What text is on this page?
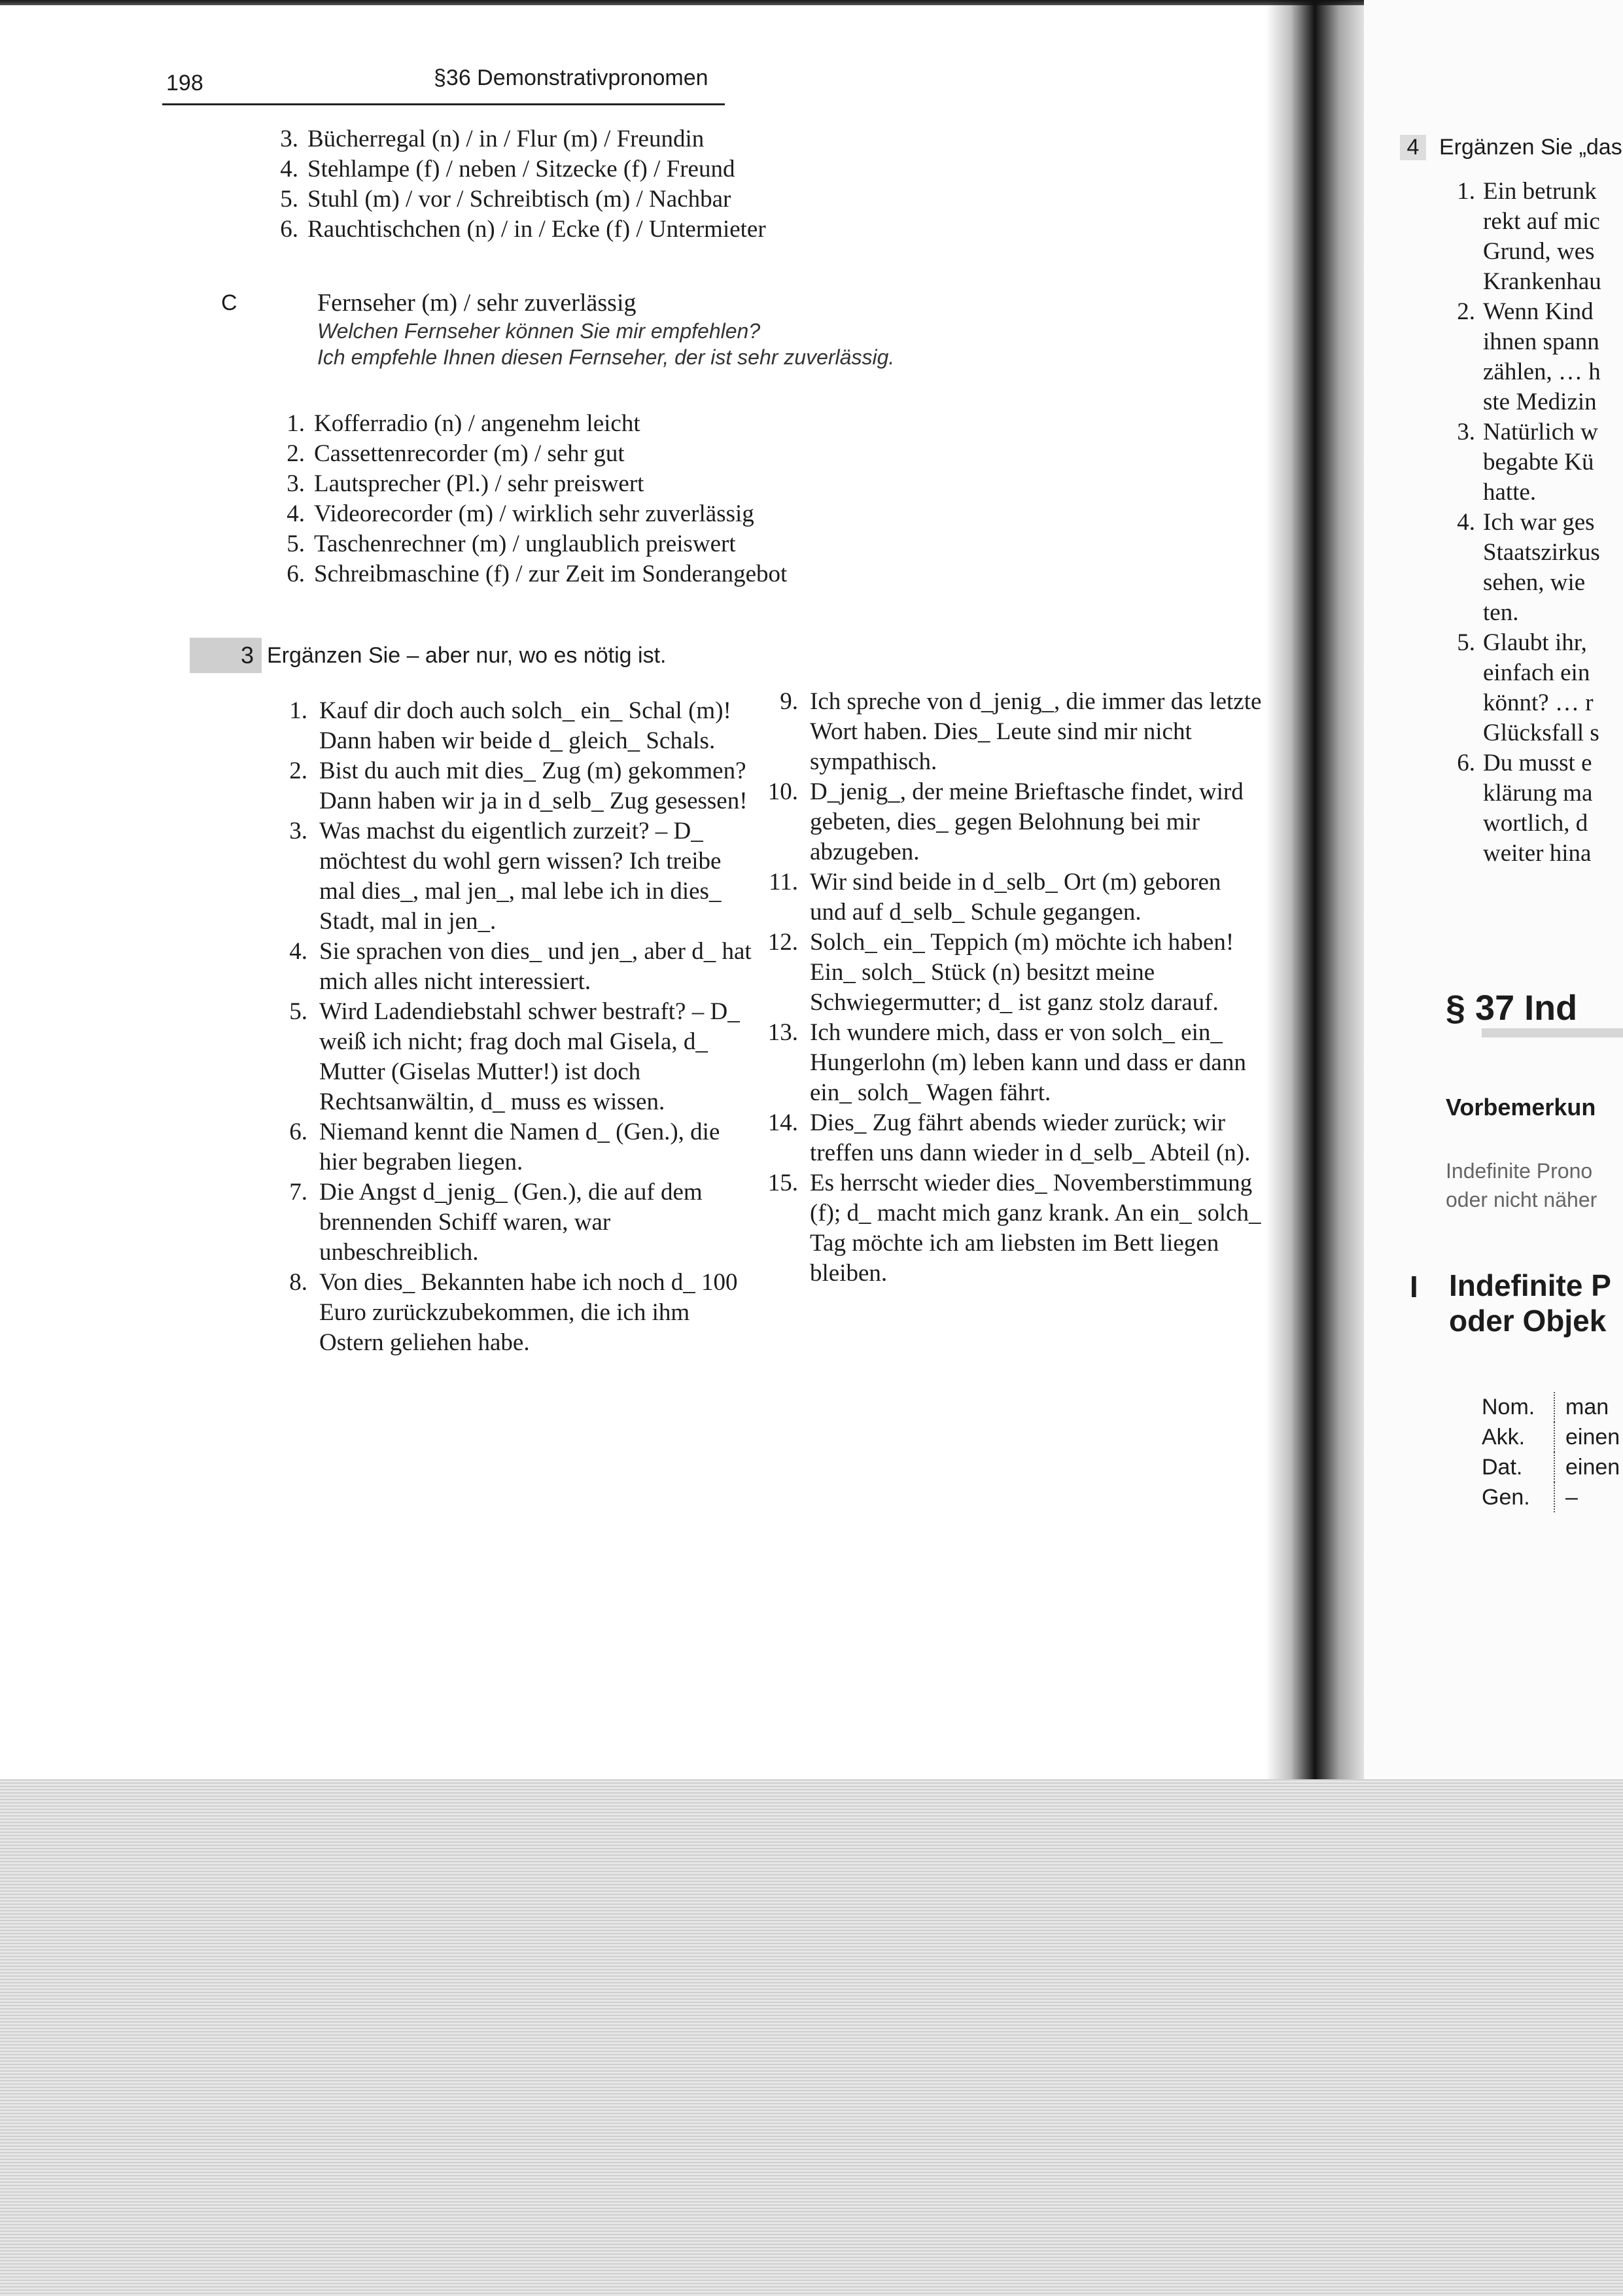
198	§36 Demonstrativpronomen
3. Bücherregal (n) / in / Flur (m) / Freundin
4. Stehlampe (f) / neben / Sitzecke (f) / Freund
5. Stuhl (m) / vor / Schreibtisch (m) / Nachbar
6. Rauchtischchen (n) / in / Ecke (f) / Untermieter
C	Fernseher (m) / sehr zuverlässig
Welchen Fernseher können Sie mir empfehlen?
Ich empfehle Ihnen diesen Fernseher, der ist sehr zuverlässig.
1. Kofferradio (n) / angenehm leicht
2. Cassettenrecorder (m) / sehr gut
3. Lautsprecher (Pl.) / sehr preiswert
4. Videorecorder (m) / wirklich sehr zuverlässig
5. Taschenrechner (m) / unglaublich preiswert
6. Schreibmaschine (f) / zur Zeit im Sonderangebot
3 Ergänzen Sie – aber nur, wo es nötig ist.
1. Kauf dir doch auch solch_ ein_ Schal (m)! Dann haben wir beide d_ gleich_ Schals.
2. Bist du auch mit dies_ Zug (m) gekommen? Dann haben wir ja in d_selb_ Zug gesessen!
3. Was machst du eigentlich zurzeit? – D_ möchtest du wohl gern wissen? Ich treibe mal dies_, mal jen_, mal lebe ich in dies_ Stadt, mal in jen_.
4. Sie sprachen von dies_ und jen_, aber d_ hat mich alles nicht interessiert.
5. Wird Ladendiebstahl schwer bestraft? – D_ weiß ich nicht; frag doch mal Gisela, d_ Mutter (Giselas Mutter!) ist doch Rechtsanwältin, d_ muss es wissen.
6. Niemand kennt die Namen d_ (Gen.), die hier begraben liegen.
7. Die Angst d_jenig_ (Gen.), die auf dem brennenden Schiff waren, war unbeschreiblich.
8. Von dies_ Bekannten habe ich noch d_ 100 Euro zurückzubekommen, die ich ihm Ostern geliehen habe.
9. Ich spreche von d_jenig_, die immer das letzte Wort haben. Dies_ Leute sind mir nicht sympathisch.
10. D_jenig_, der meine Brieftasche findet, wird gebeten, dies_ gegen Belohnung bei mir abzugeben.
11. Wir sind beide in d_selb_ Ort (m) geboren und auf d_selb_ Schule gegangen.
12. Solch_ ein_ Teppich (m) möchte ich haben! Ein_ solch_ Stück (n) besitzt meine Schwiegermutter; d_ ist ganz stolz darauf.
13. Ich wundere mich, dass er von solch_ ein_ Hungerlohn (m) leben kann und dass er dann ein_ solch_ Wagen fährt.
14. Dies_ Zug fährt abends wieder zurück; wir treffen uns dann wieder in d_selb_ Abteil (n).
15. Es herrscht wieder dies_ Novemberstimmung (f); d_ macht mich ganz krank. An ein_ solch_ Tag möchte ich am liebsten im Bett liegen bleiben.
4 Ergänzen Sie „das
1. Ein betrunk
rekt auf mic
Grund, wes
Krankenhau
2. Wenn Kind
ihnen spann
zählen, … h
ste Medizin
3. Natürlich w
begabte Kü
hatte.
4. Ich war ges
Staatszirkus
sehen, wie
ten.
5. Glaubt ihr,
einfach ein
könnt? … r
Glücksfall s
6. Du musst e
klärung ma
wortlich, d
weiter hina
§ 37 Ind
Vorbemerkun
Indefinite Prono
oder nicht näher
I Indefinite P
oder Objek
Nom.	man
Akk.	einen
Dat.	einen
Gen.	–
